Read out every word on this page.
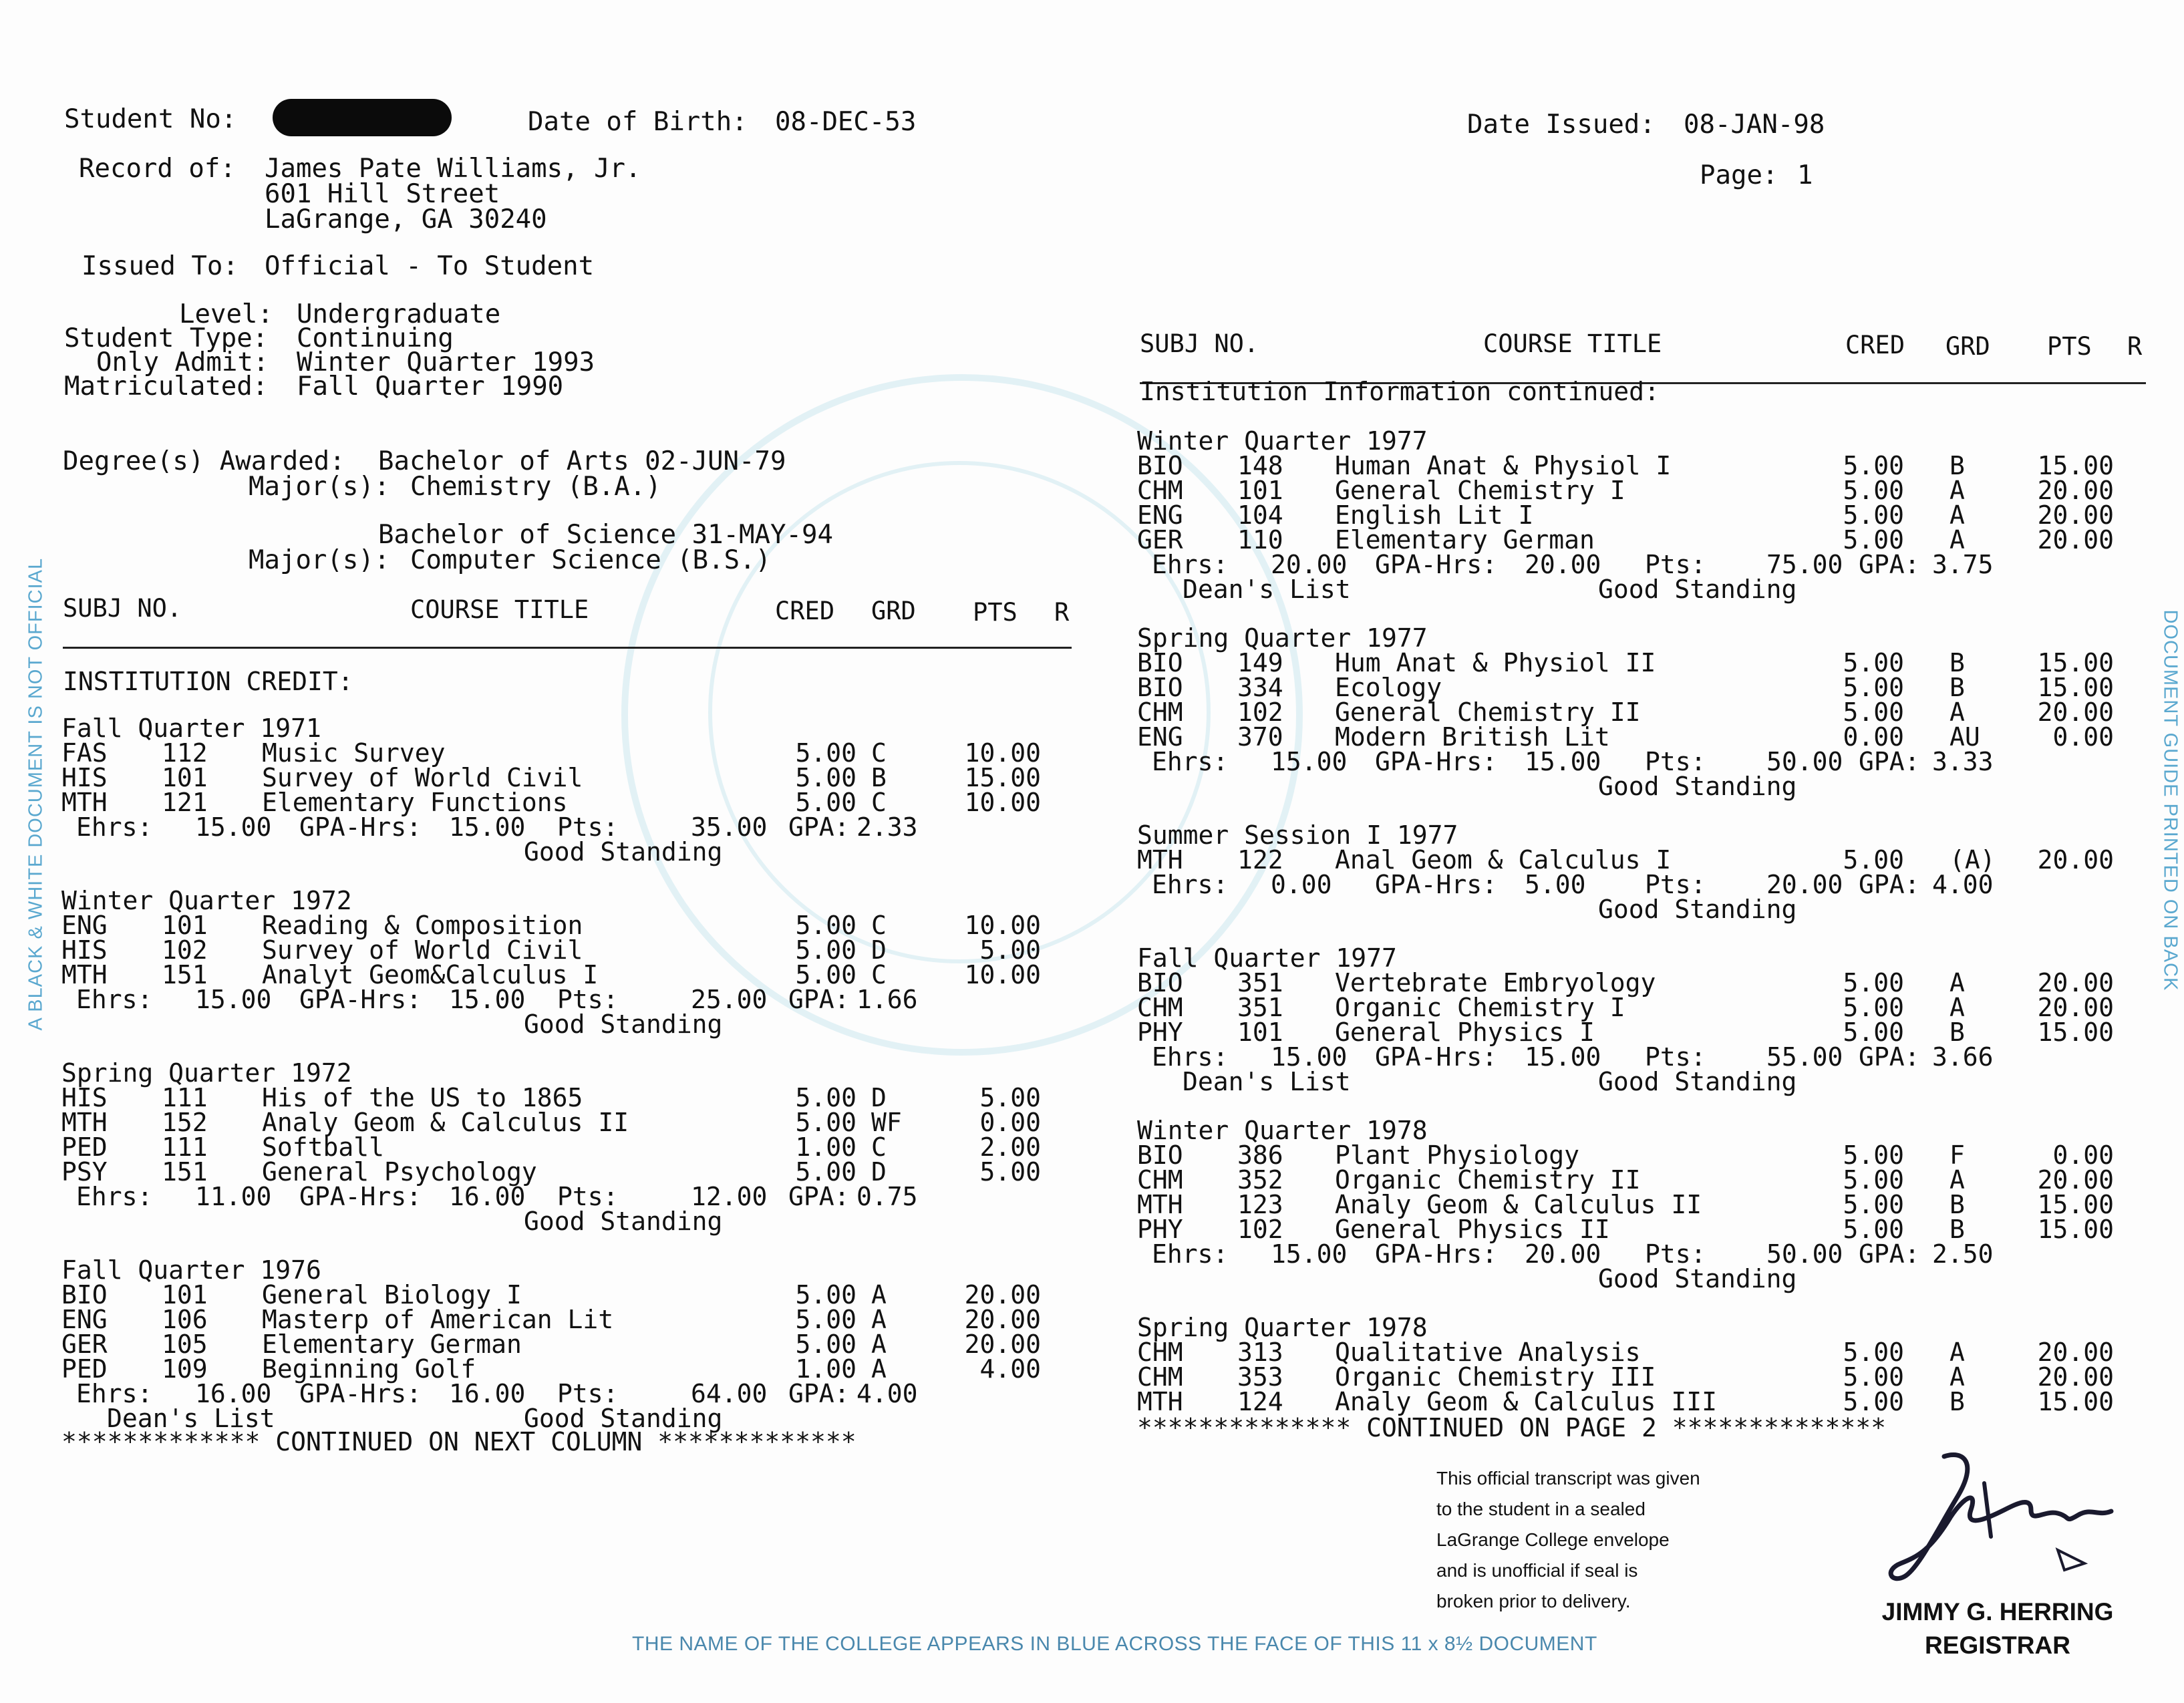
Student No:	Date of Birth: 08-DEC-53	Date Issued: 08-JAN-98
Page: 1
Record of: James Pate Williams, Jr.
601 Hill Street
LaGrange, GA 30240
Issued To: Official - To Student
Level: Undergraduate
Student Type: Continuing
Only Admit: Winter Quarter 1993
Matriculated: Fall Quarter 1990
Degree(s) Awarded: Bachelor of Arts 02-JUN-79
Major(s): Chemistry (B.A.)
Bachelor of Science 31-MAY-94
Major(s): Computer Science (B.S.)
SUBJ NO.	COURSE TITLE	CRED GRD PTS R
INSTITUTION CREDIT:
Fall Quarter 1971
FAS 112 Music Survey	5.00 C	10.00
HIS 101 Survey of World Civil	5.00 B	15.00
MTH 121 Elementary Functions	5.00 C	10.00
Ehrs: 15.00 GPA-Hrs: 15.00 Pts:	35.00 GPA: 2.33
Good Standing
Winter Quarter 1972
ENG 101 Reading & Composition	5.00 C	10.00
HIS 102 Survey of World Civil	5.00 D	5.00
MTH 151 Analyt Geom&Calculus I	5.00 C	10.00
Ehrs: 15.00 GPA-Hrs: 15.00 Pts:	25.00 GPA: 1.66
Good Standing
Spring Quarter 1972
HIS 111 His of the US to 1865	5.00 D	5.00
MTH 152 Analy Geom & Calculus II	5.00 WF	0.00
PED 111 Softball	1.00 C	2.00
PSY 151 General Psychology	5.00 D	5.00
Ehrs: 11.00 GPA-Hrs: 16.00 Pts:	12.00 GPA: 0.75
Good Standing
Fall Quarter 1976
BIO 101 General Biology I	5.00 A	20.00
ENG 106 Masterp of American Lit	5.00 A	20.00
GER 105 Elementary German	5.00 A	20.00
PED 109 Beginning Golf	1.00 A	4.00
Ehrs: 16.00 GPA-Hrs: 16.00 Pts:	64.00 GPA: 4.00
Dean's List	Good Standing
************* CONTINUED ON NEXT COLUMN *************
SUBJ NO.	COURSE TITLE	CRED GRD PTS R
Institution Information continued:
Winter Quarter 1977
BIO 148 Human Anat & Physiol I	5.00 B	15.00
CHM 101 General Chemistry I	5.00 A	20.00
ENG 104 English Lit I	5.00 A	20.00
GER 110 Elementary German	5.00 A	20.00
Ehrs: 20.00 GPA-Hrs: 20.00 Pts: 75.00 GPA: 3.75
Dean's List	Good Standing
Spring Quarter 1977
BIO 149 Hum Anat & Physiol II	5.00 B	15.00
BIO 334 Ecology	5.00 B	15.00
CHM 102 General Chemistry II	5.00 A	20.00
ENG 370 Modern British Lit	0.00 AU	0.00
Ehrs: 15.00 GPA-Hrs: 15.00 Pts: 50.00 GPA: 3.33
Good Standing
Summer Session I 1977
MTH 122 Anal Geom & Calculus I	5.00 (A) 20.00
Ehrs: 0.00 GPA-Hrs: 5.00 Pts: 20.00 GPA: 4.00
Good Standing
Fall Quarter 1977
BIO 351 Vertebrate Embryology	5.00 A	20.00
CHM 351 Organic Chemistry I	5.00 A	20.00
PHY 101 General Physics I	5.00 B	15.00
Ehrs: 15.00 GPA-Hrs: 15.00 Pts: 55.00 GPA: 3.66
Dean's List	Good Standing
Winter Quarter 1978
BIO 386 Plant Physiology	5.00 F	0.00
CHM 352 Organic Chemistry II	5.00 A	20.00
MTH 123 Analy Geom & Calculus II	5.00 B	15.00
PHY 102 General Physics II	5.00 B	15.00
Ehrs: 15.00 GPA-Hrs: 20.00 Pts: 50.00 GPA: 2.50
Good Standing
Spring Quarter 1978
CHM 313 Qualitative Analysis	5.00 A	20.00
CHM 353 Organic Chemistry III	5.00 A	20.00
MTH 124 Analy Geom & Calculus III	5.00 B	15.00
************** CONTINUED ON PAGE 2 **************
A BLACK & WHITE DOCUMENT IS NOT OFFICIAL	DOCUMENT GUIDE PRINTED ON BACK
THE NAME OF THE COLLEGE APPEARS IN BLUE ACROSS THE FACE OF THIS 11 x 8½ DOCUMENT
This official transcript was given
to the student in a sealed
LaGrange College envelope
and is unofficial if seal is
broken prior to delivery.	JIMMY G. HERRING
REGISTRAR
